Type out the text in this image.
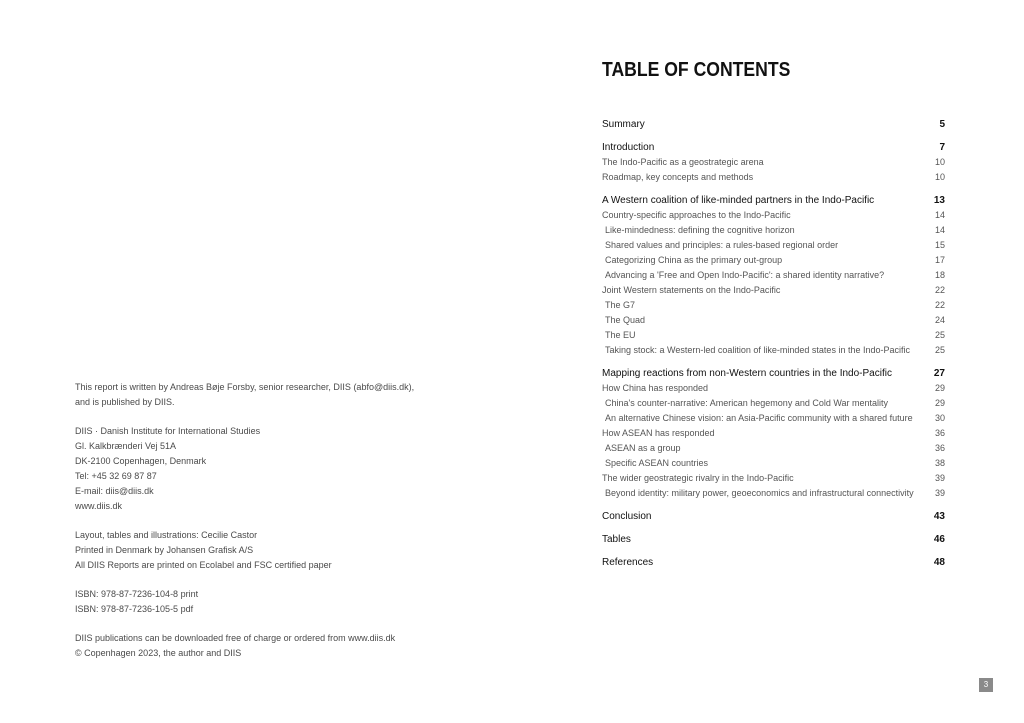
This report is written by Andreas Bøje Forsby, senior researcher, DIIS (abfo@diis.dk),
and is published by DIIS.
DIIS · Danish Institute for International Studies
Gl. Kalkbrænderi Vej 51A
DK-2100 Copenhagen, Denmark
Tel: +45 32 69 87 87
E-mail: diis@diis.dk
www.diis.dk
Layout, tables and illustrations: Cecilie Castor
Printed in Denmark by Johansen Grafisk A/S
All DIIS Reports are printed on Ecolabel and FSC certified paper
ISBN: 978-87-7236-104-8 print
ISBN: 978-87-7236-105-5 pdf
DIIS publications can be downloaded free of charge or ordered from www.diis.dk
© Copenhagen 2023, the author and DIIS
TABLE OF CONTENTS
Summary	5
Introduction	7
The Indo-Pacific as a geostrategic arena	10
Roadmap, key concepts and methods	10
A Western coalition of like-minded partners in the Indo-Pacific	13
Country-specific approaches to the Indo-Pacific	14
Like-mindedness: defining the cognitive horizon	14
Shared values and principles: a rules-based regional order	15
Categorizing China as the primary out-group	17
Advancing a 'Free and Open Indo-Pacific': a shared identity narrative?	18
Joint Western statements on the Indo-Pacific	22
The G7	22
The Quad	24
The EU	25
Taking stock: a Western-led coalition of like-minded states in the Indo-Pacific	25
Mapping reactions from non-Western countries in the Indo-Pacific	27
How China has responded	29
China's counter-narrative: American hegemony and Cold War mentality	29
An alternative Chinese vision: an Asia-Pacific community with a shared future	30
How ASEAN has responded	36
ASEAN as a group	36
Specific ASEAN countries	38
The wider geostrategic rivalry in the Indo-Pacific	39
Beyond identity: military power, geoeconomics and infrastructural connectivity	39
Conclusion	43
Tables	46
References	48
3
